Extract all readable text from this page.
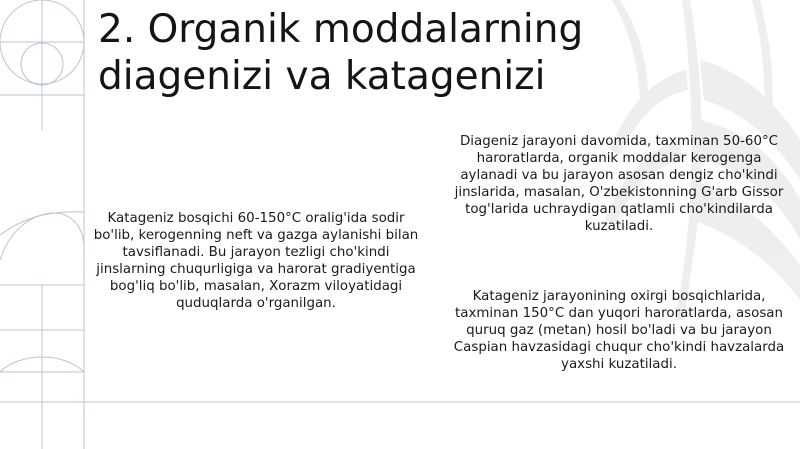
2. Organik moddalarning
diagenizi va katagenizi

Katageniz bosqichi 60-150°C oralig'ida sodir bo'lib, kerogenning neft va gazga aylanishi bilan tavsiflanadi. Bu jarayon tezligi cho'kindi jinslarning chuqurligiga va harorat gradiyentiga bog'liq bo'lib, masalan, Xorazm viloyatidagi quduqlarda o'rganilgan.

Diageniz jarayoni davomida, taxminan 50-60°C haroratlarda, organik moddalar kerogenga aylanadi va bu jarayon asosan dengiz cho'kindi jinslarida, masalan, O'zbekistonning G'arb Gissor tog'larida uchraydigan qatlamli cho'kindilarda kuzatiladi.

Katageniz jarayonining oxirgi bosqichlarida, taxminan 150°C dan yuqori haroratlarda, asosan quruq gaz (metan) hosil bo'ladi va bu jarayon Caspian havzasidagi chuqur cho'kindi havzalarda yaxshi kuzatiladi.
